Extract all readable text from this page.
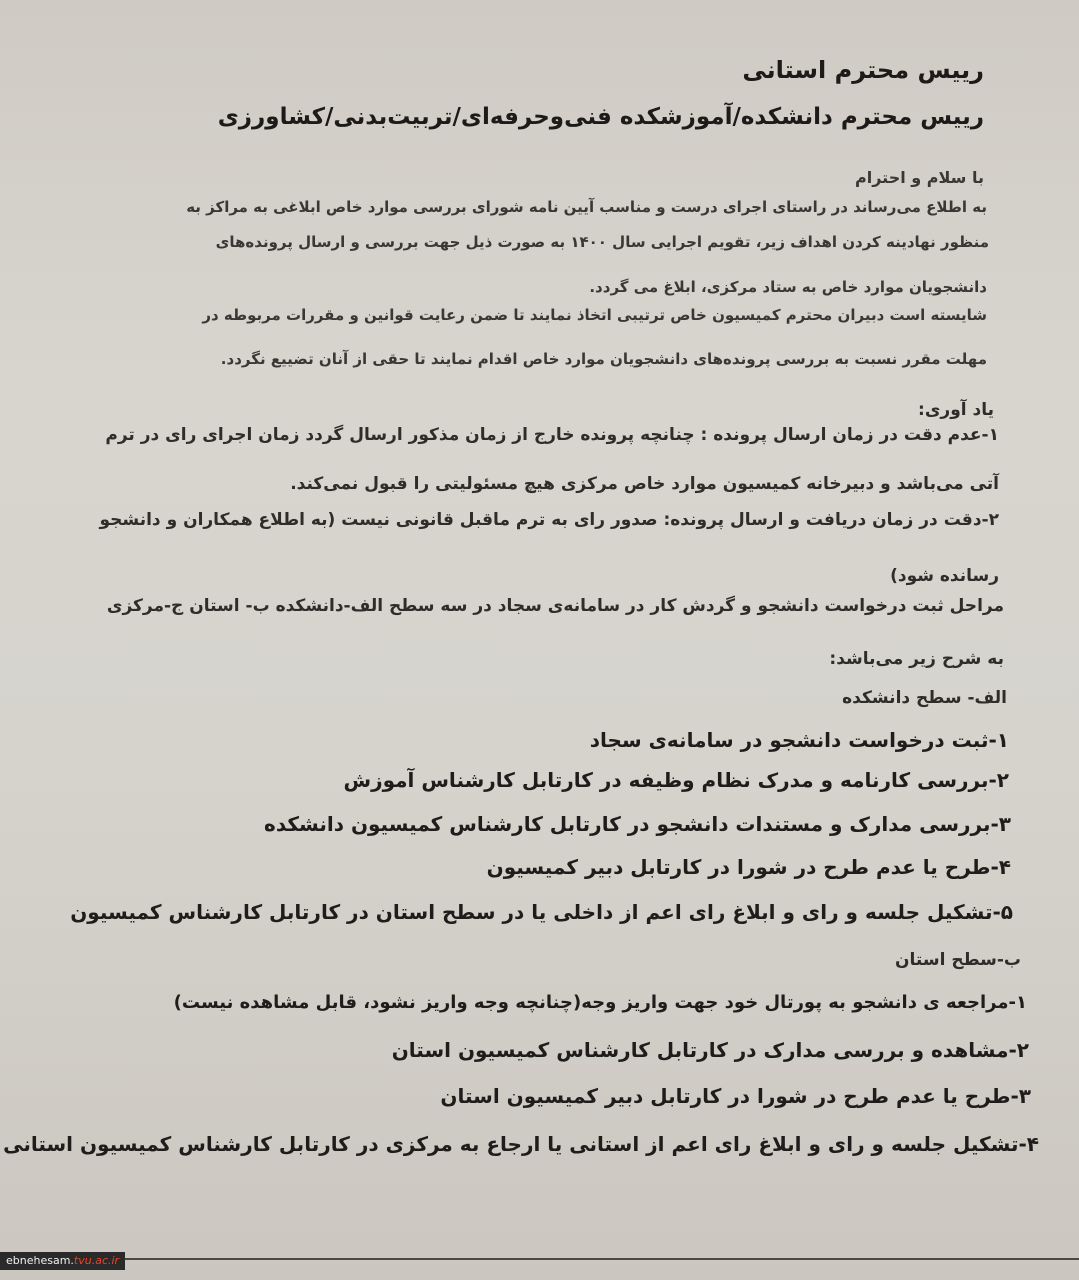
رییس محترم استانی
رییس محترم دانشکده/آموزشکده فنی‌وحرفه‌ای/تربیت‌بدنی/کشاورزی
با سلام و احترام
به اطلاع می‌رساند در راستای اجرای درست و مناسب آیین نامه شورای بررسی موارد خاص ابلاغی به مراکز به
منظور نهادینه کردن اهداف زیر، تقویم اجرایی سال ۱۴۰۰ به صورت ذیل جهت بررسی و ارسال پرونده‌های
دانشجویان موارد خاص به ستاد مرکزی، ابلاغ می گردد.
شایسته است دبیران محترم کمیسیون خاص ترتیبی اتخاذ نمایند تا ضمن رعایت قوانین و مقررات مربوطه در
مهلت مقرر نسبت به بررسی پرونده‌های دانشجویان موارد خاص اقدام نمایند تا حقی از آنان تضییع نگردد.
یاد آوری:
۱-عدم دقت در زمان ارسال پرونده : چنانچه پرونده خارج از زمان مذکور ارسال گردد زمان اجرای رای در ترم
آتی می‌باشد و دبیرخانه کمیسیون موارد خاص مرکزی هیچ مسئولیتی را قبول نمی‌کند.
۲-دقت در زمان دریافت و ارسال پرونده: صدور رای به ترم ماقبل قانونی نیست (به اطلاع همکاران و دانشجو
رسانده شود)
مراحل ثبت درخواست دانشجو و گردش کار در سامانه‌ی سجاد در سه سطح الف-دانشکده ب- استان ج-مرکزی
به شرح زیر می‌باشد:
الف- سطح دانشکده
۱-ثبت درخواست دانشجو در سامانه‌ی سجاد
۲-بررسی کارنامه و مدرک نظام وظیفه در کارتابل کارشناس آموزش
۳-بررسی مدارک و مستندات دانشجو در کارتابل کارشناس کمیسیون دانشکده
۴-طرح یا عدم طرح در شورا در کارتابل دبیر کمیسیون
۵-تشکیل جلسه و رای و ابلاغ رای اعم از داخلی یا در سطح استان در کارتابل کارشناس کمیسیون
ب-سطح استان
۱-مراجعه ی دانشجو به پورتال خود جهت واریز وجه(چنانچه وجه واریز نشود، قابل مشاهده نیست)
۲-مشاهده و بررسی مدارک در کارتابل کارشناس کمیسیون استان
۳-طرح یا عدم طرح در شورا در کارتابل دبیر کمیسیون استان
۴-تشکیل جلسه و رای و ابلاغ رای اعم از استانی یا ارجاع به مرکزی در کارتابل کارشناس کمیسیون استانی
ebnehesam.tvu.ac.ir
